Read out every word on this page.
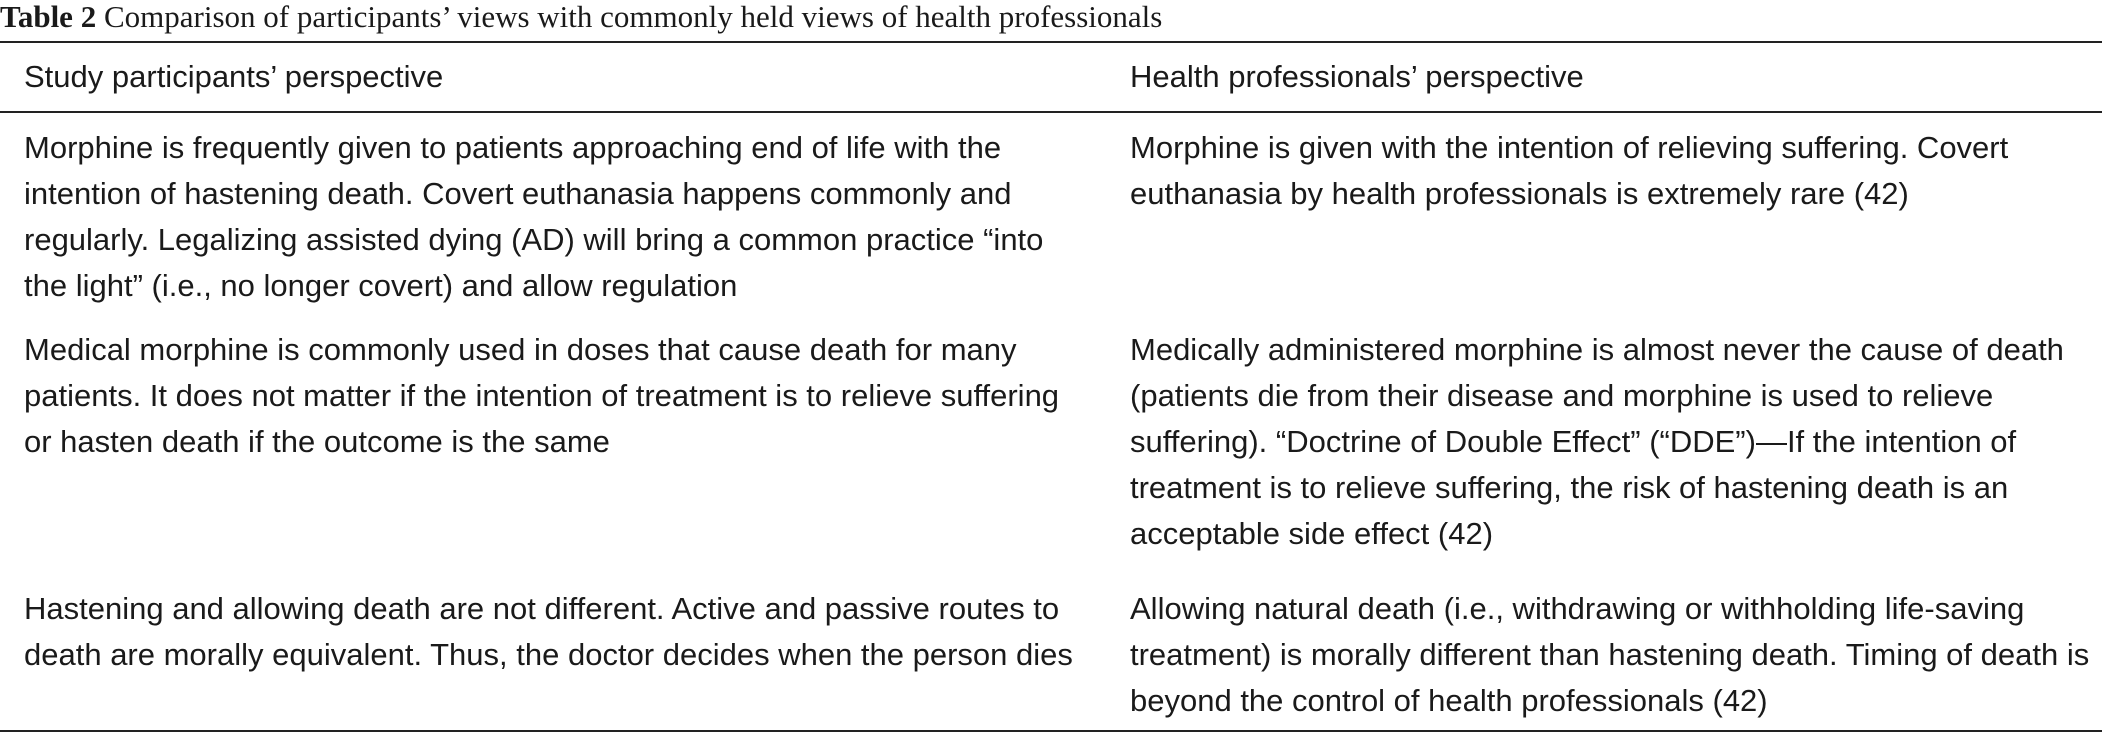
Table 2 Comparison of participants’ views with commonly held views of health professionals
Study participants’ perspective	Health professionals’ perspective
Morphine is frequently given to patients approaching end of life with the intention of hastening death. Covert euthanasia happens commonly and regularly. Legalizing assisted dying (AD) will bring a common practice “into the light” (i.e., no longer covert) and allow regulation
Morphine is given with the intention of relieving suffering. Covert euthanasia by health professionals is extremely rare (42)
Medical morphine is commonly used in doses that cause death for many patients. It does not matter if the intention of treatment is to relieve suffering or hasten death if the outcome is the same
Medically administered morphine is almost never the cause of death (patients die from their disease and morphine is used to relieve suffering). “Doctrine of Double Effect” (“DDE”)—If the intention of treatment is to relieve suffering, the risk of hastening death is an acceptable side effect (42)
Hastening and allowing death are not different. Active and passive routes to death are morally equivalent. Thus, the doctor decides when the person dies
Allowing natural death (i.e., withdrawing or withholding life-saving treatment) is morally different than hastening death. Timing of death is beyond the control of health professionals (42)
